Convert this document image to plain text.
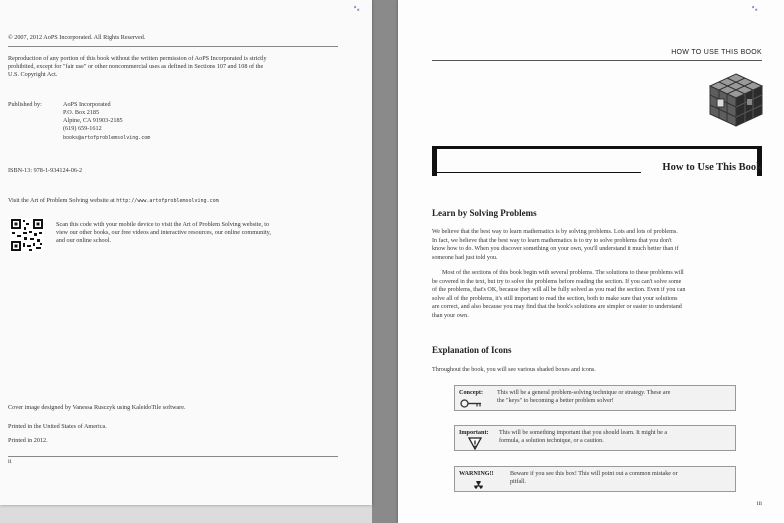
© 2007, 2012 AoPS Incorporated. All Rights Reserved.
Reproduction of any portion of this book without the written permission of AoPS Incorporated is strictly
prohibited, except for "fair use" or other noncommercial uses as defined in Sections 107 and 108 of the
U.S. Copyright Act.
Published by:	AoPS Incorporated
P.O. Box 2185
Alpine, CA 91903-2185
(619) 659-1612
books@artofproblemsolving.com
ISBN-13: 978-1-934124-06-2
Visit the Art of Problem Solving website at http://www.artofproblemsolving.com
Scan this code with your mobile device to visit the Art of Problem Solving website, to
view our other books, our free videos and interactive resources, our online community,
and our online school.
Cover image designed by Vanessa Rusczyk using KaleidoTile software.
Printed in the United States of America.
Printed in 2012.
ii
✦✦
HOW TO USE THIS BOOK
How to Use This Book
Learn by Solving Problems
We believe that the best way to learn mathematics is by solving problems. Lots and lots of problems.
In fact, we believe that the best way to learn mathematics is to try to solve problems that you don't
know how to do. When you discover something on your own, you'll understand it much better than if
someone had just told you.
Most of the sections of this book begin with several problems. The solutions to these problems will
be covered in the text, but try to solve the problems before reading the section. If you can't solve some
of the problems, that's OK, because they will all be fully solved as you read the section. Even if you can
solve all of the problems, it's still important to read the section, both to make sure that your solutions
are correct, and also because you may find that the book's solutions are simpler or easier to understand
than your own.
Explanation of Icons
Throughout the book, you will see various shaded boxes and icons.
Concept: This will be a general problem-solving technique or strategy. These are
the "keys" to becoming a better problem solver!
Important: This will be something important that you should learn. It might be a
formula, a solution technique, or a caution.
WARNING!!	Beware if you see this box! This will point out a common mistake or
pitfall.
iii
✦✦
